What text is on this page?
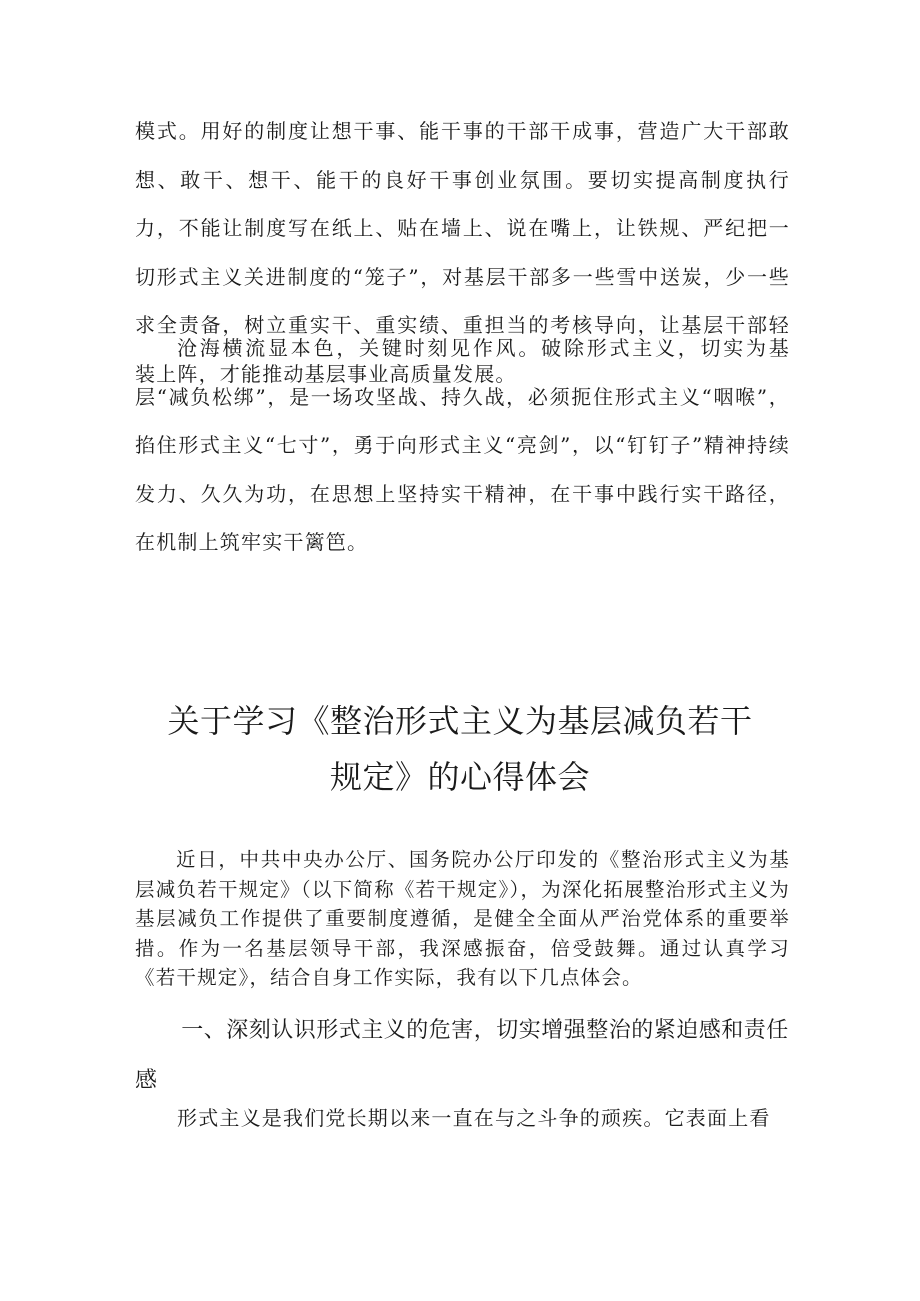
模式。用好的制度让想干事、能干事的干部干成事，营造广大干部敢想、敢干、想干、能干的良好干事创业氛围。要切实提高制度执行力，不能让制度写在纸上、贴在墙上、说在嘴上，让铁规、严纪把一切形式主义关进制度的“笼子”，对基层干部多一些雪中送炭，少一些求全责备，树立重实干、重实绩、重担当的考核导向，让基层干部轻装上阵，才能推动基层事业高质量发展。

沧海横流显本色，关键时刻见作风。破除形式主义，切实为基层“减负松绑”，是一场攻坚战、持久战，必须扼住形式主义“咽喉”，掐住形式主义“七寸”，勇于向形式主义“亮剑”，以“钉钉子”精神持续发力、久久为功，在思想上坚持实干精神，在干事中践行实干路径，在机制上筑牢实干篱笆。

关于学习《整治形式主义为基层减负若干
规定》的心得体会

近日，中共中央办公厅、国务院办公厅印发的《整治形式主义为基层减负若干规定》（以下简称《若干规定》），为深化拓展整治形式主义为基层减负工作提供了重要制度遵循，是健全全面从严治党体系的重要举措。作为一名基层领导干部，我深感振奋，倍受鼓舞。通过认真学习《若干规定》，结合自身工作实际，我有以下几点体会。

一、深刻认识形式主义的危害，切实增强整治的紧迫感和责任感

形式主义是我们党长期以来一直在与之斗争的顽疾。它表面上看
